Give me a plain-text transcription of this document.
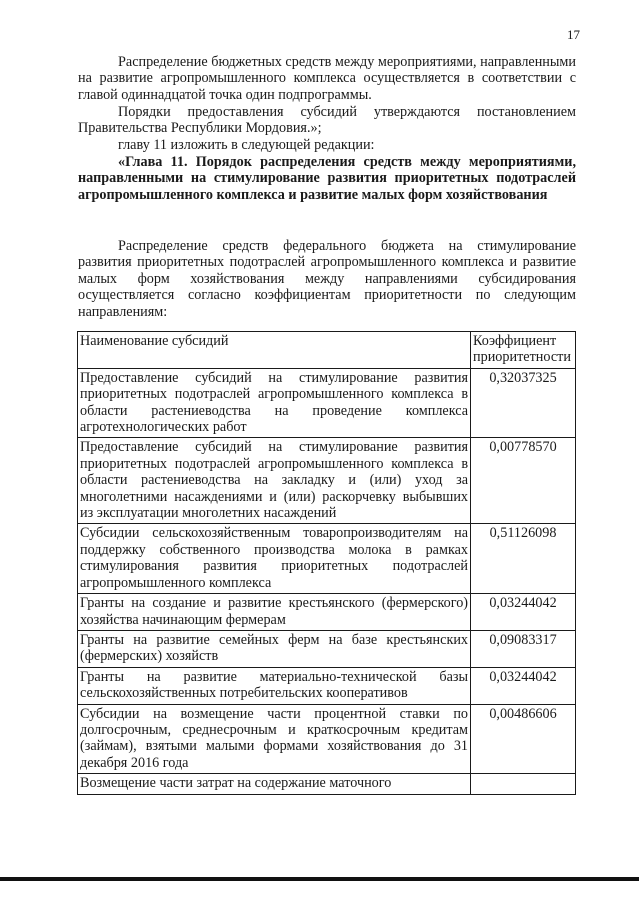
17

Распределение бюджетных средств между мероприятиями, направленными на развитие агропромышленного комплекса осуществляется в соответствии с главой одиннадцатой точка один подпрограммы.

Порядки предоставления субсидий утверждаются постановлением Правительства Республики Мордовия.»;

главу 11 изложить в следующей редакции:

«Глава 11. Порядок распределения средств между мероприятиями, направленными на стимулирование развития приоритетных подотраслей агропромышленного комплекса и развитие малых форм хозяйствования

Распределение средств федерального бюджета на стимулирование развития приоритетных подотраслей агропромышленного комплекса и развитие малых форм хозяйствования между направлениями субсидирования осуществляется согласно коэффициентам приоритетности по следующим направлениям:

Наименование субсидий	Коэффициент приоритетности
Предоставление субсидий на стимулирование развития приоритетных подотраслей агропромышленного комплекса в области растениеводства на проведение комплекса агротехнологических работ	0,32037325
Предоставление субсидий на стимулирование развития приоритетных подотраслей агропромышленного комплекса в области растениеводства на закладку и (или) уход за многолетними насаждениями и (или) раскорчевку выбывших из эксплуатации многолетних насаждений	0,00778570
Субсидии сельскохозяйственным товаропроизводителям на поддержку собственного производства молока в рамках стимулирования развития приоритетных подотраслей агропромышленного комплекса	0,51126098
Гранты на создание и развитие крестьянского (фермерского) хозяйства начинающим фермерам	0,03244042
Гранты на развитие семейных ферм на базе крестьянских (фермерских) хозяйств	0,09083317
Гранты на развитие материально-технической базы сельскохозяйственных потребительских кооперативов	0,03244042
Субсидии на возмещение части процентной ставки по долгосрочным, среднесрочным и краткосрочным кредитам (займам), взятыми малыми формами хозяйствования до 31 декабря 2016 года	0,00486606
Возмещение части затрат на содержание маточного	
